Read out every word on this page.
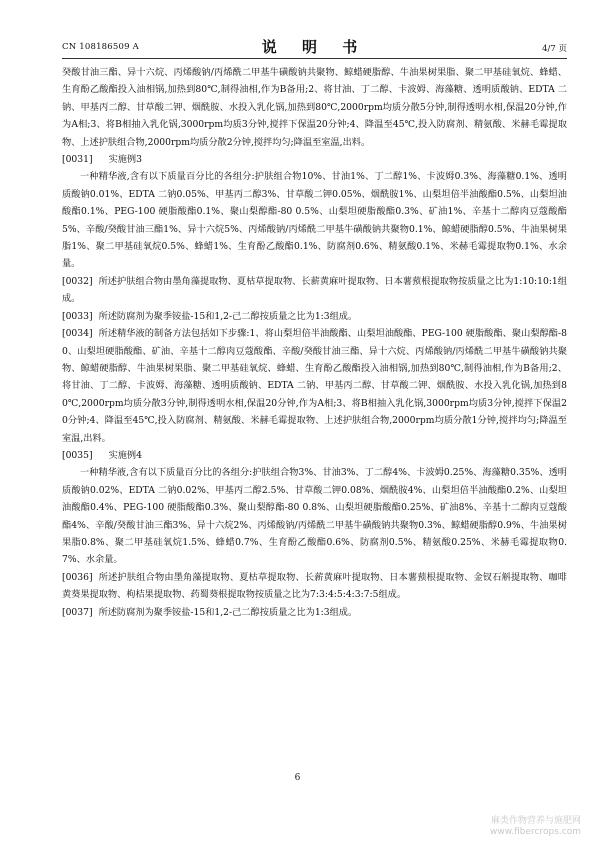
CN 108186509 A	说 明 书	4/7 页

癸酸甘油三酯、异十六烷、丙烯酸钠/丙烯酰二甲基牛磺酸钠共聚物、鲸蜡硬脂醇、牛油果树果脂、聚二甲基硅氧烷、蜂蜡、生育酚乙酸酯投入油相锅,加热到80℃,制得油相,作为B备用;2、将甘油、丁二醇、卡波姆、海藻糖、透明质酸钠、EDTA 二钠、甲基丙二醇、甘草酸二钾、烟酰胺、水投入乳化锅,加热到80℃,2000rpm均质分散5分钟,制得透明水相,保温20分钟,作为A相;3、将B相抽入乳化锅,3000rpm均质3分钟,搅拌下保温20分钟;4、降温至45℃,投入防腐剂、精氨酸、米赫毛霉提取物、上述护肤组合物,2000rpm均质分散2分钟,搅拌均匀;降温至室温,出料。

[0031] 实施例3

一种精华液,含有以下质量百分比的各组分:护肤组合物10%、甘油1%、丁二醇1%、卡波姆0.3%、海藻糖0.1%、透明质酸钠0.01%、EDTA 二钠0.05%、甲基丙二醇3%、甘草酸二钾0.05%、烟酰胺1%、山梨坦倍半油酸酯0.5%、山梨坦油酸酯0.1%、PEG-100 硬脂酸酯0.1%、聚山梨醇酯-80 0.5%、山梨坦硬脂酸酯0.3%、矿油1%、辛基十二醇肉豆蔻酸酯5%、辛酸/癸酸甘油三酯1%、异十六烷5%、丙烯酸钠/丙烯酰二甲基牛磺酸钠共聚物0.1%、鲸蜡硬脂醇0.5%、牛油果树果脂1%、聚二甲基硅氧烷0.5%、蜂蜡1%、生育酚乙酸酯0.1%、防腐剂0.6%、精氨酸0.1%、米赫毛霉提取物0.1%、水余量。

[0032] 所述护肤组合物由墨角藻提取物、夏枯草提取物、长薪黄麻叶提取物、日本薯蓣根提取物按质量之比为1:10:10:1组成。

[0033] 所述防腐剂为聚季铵盐-15和1,2-己二醇按质量之比为1:3组成。

[0034] 所述精华液的制备方法包括如下步骤:1、将山梨坦倍半油酸酯、山梨坦油酸酯、PEG-100 硬脂酸酯、聚山梨醇酯-80、山梨坦硬脂酸酯、矿油、辛基十二醇肉豆蔻酸酯、辛酸/癸酸甘油三酯、异十六烷、丙烯酸钠/丙烯酰二甲基牛磺酸钠共聚物、鲸蜡硬脂醇、牛油果树果脂、聚二甲基硅氧烷、蜂蜡、生育酚乙酸酯投入油相锅,加热到80℃,制得油相,作为B备用;2、将甘油、丁二醇、卡波姆、海藻糖、透明质酸钠、EDTA 二钠、甲基丙二醇、甘草酸二钾、烟酰胺、水投入乳化锅,加热到80℃,2000rpm均质分散3分钟,制得透明水相,保温20分钟,作为A相;3、将B相抽入乳化锅,3000rpm均质3分钟,搅拌下保温20分钟;4、降温至45℃,投入防腐剂、精氨酸、米赫毛霉提取物、上述护肤组合物,2000rpm均质分散1分钟,搅拌均匀;降温至室温,出料。

[0035] 实施例4

一种精华液,含有以下质量百分比的各组分:护肤组合物3%、甘油3%、丁二醇4%、卡波姆0.25%、海藻糖0.35%、透明质酸钠0.02%、EDTA 二钠0.02%、甲基丙二醇2.5%、甘草酸二钾0.08%、烟酰胺4%、山梨坦倍半油酸酯0.2%、山梨坦油酸酯0.4%、PEG-100 硬脂酸酯0.3%、聚山梨醇酯-80 0.8%、山梨坦硬脂酸酯0.25%、矿油8%、辛基十二醇肉豆蔻酸酯4%、辛酸/癸酸甘油三酯3%、异十六烷2%、丙烯酸钠/丙烯酰二甲基牛磺酸钠共聚物0.3%、鲸蜡硬脂醇0.9%、牛油果树果脂0.8%、聚二甲基硅氧烷1.5%、蜂蜡0.7%、生育酚乙酸酯0.6%、防腐剂0.5%、精氨酸0.25%、米赫毛霉提取物0.7%、水余量。

[0036] 所述护肤组合物由墨角藻提取物、夏枯草提取物、长薪黄麻叶提取物、日本薯蓣根提取物、金钗石斛提取物、咖啡黄葵果提取物、枸桔果提取物、药蜀葵根提取物按质量之比为7:3:4:5:4:3:7:5组成。

[0037] 所述防腐剂为聚季铵盐-15和1,2-己二醇按质量之比为1:3组成。

6
麻类作物营养与施肥网
www.fibercrops.com
